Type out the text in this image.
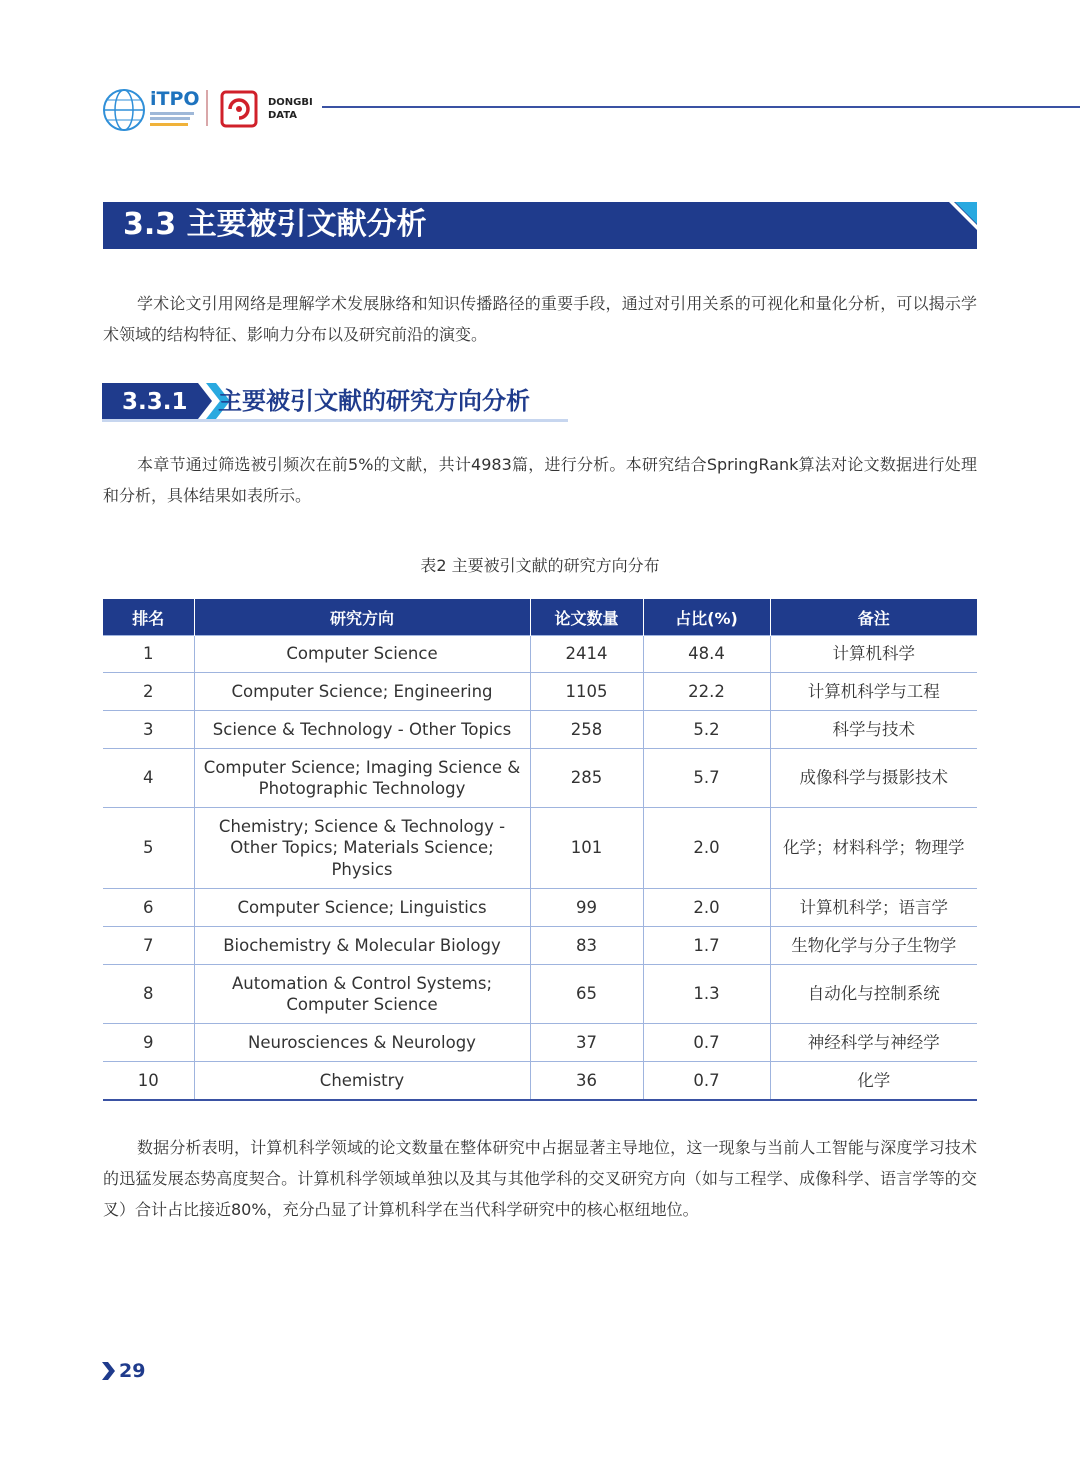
iTPO	DONGBI
DATA
3.3 主要被引文献分析

学术论文引用网络是理解学术发展脉络和知识传播路径的重要手段，通过对引用关系的可视化和量化分析，可以揭示学术领域的结构特征、影响力分布以及研究前沿的演变。

3.3.1 主要被引文献的研究方向分析

本章节通过筛选被引频次在前5%的文献，共计4983篇，进行分析。本研究结合SpringRank算法对论文数据进行处理和分析，具体结果如表所示。

表2 主要被引文献的研究方向分布
排名	研究方向	论文数量	占比(%)	备注
1	Computer Science	2414	48.4	计算机科学
2	Computer Science; Engineering	1105	22.2	计算机科学与工程
3	Science & Technology - Other Topics	258	5.2	科学与技术
4	Computer Science; Imaging Science & Photographic Technology	285	5.7	成像科学与摄影技术
5	Chemistry; Science & Technology - Other Topics; Materials Science; Physics	101	2.0	化学；材料科学；物理学
6	Computer Science; Linguistics	99	2.0	计算机科学；语言学
7	Biochemistry & Molecular Biology	83	1.7	生物化学与分子生物学
8	Automation & Control Systems; Computer Science	65	1.3	自动化与控制系统
9	Neurosciences & Neurology	37	0.7	神经科学与神经学
10	Chemistry	36	0.7	化学

数据分析表明，计算机科学领域的论文数量在整体研究中占据显著主导地位，这一现象与当前人工智能与深度学习技术的迅猛发展态势高度契合。计算机科学领域单独以及其与其他学科的交叉研究方向（如与工程学、成像科学、语言学等的交叉）合计占比接近80%，充分凸显了计算机科学在当代科学研究中的核心枢纽地位。

29
